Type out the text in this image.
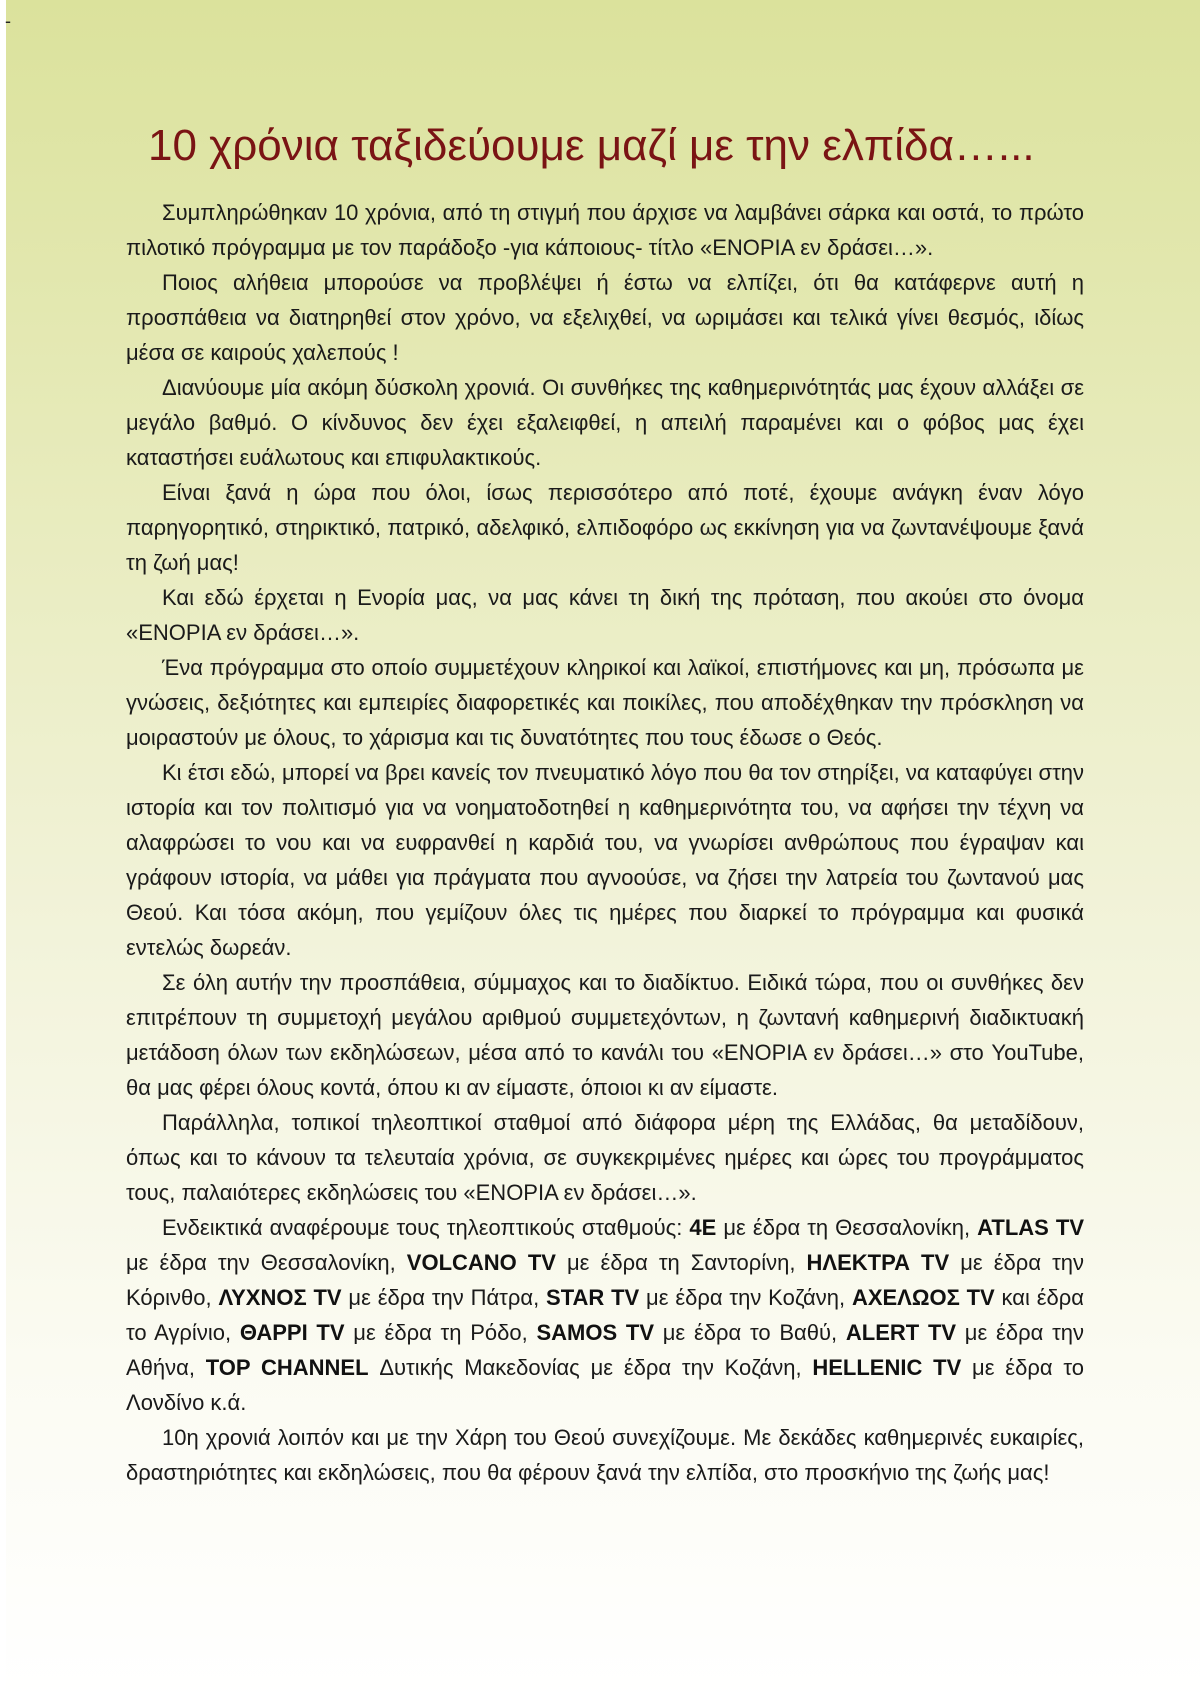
-
10 χρόνια ταξιδεύουμε μαζί με την ελπίδα…...

Συμπληρώθηκαν 10 χρόνια, από τη στιγμή που άρχισε να λαμβάνει σάρκα και οστά, το πρώτο πιλοτικό πρόγραμμα με τον παράδοξο -για κάποιους- τίτλο «ΕΝΟΡΙΑ εν δράσει…».

Ποιος αλήθεια μπορούσε να προβλέψει ή έστω να ελπίζει, ότι θα κατάφερνε αυτή η προσπάθεια να διατηρηθεί στον χρόνο, να εξελιχθεί, να ωριμάσει και τελικά γίνει θεσμός, ιδίως μέσα σε καιρούς χαλεπούς !

Διανύουμε μία ακόμη δύσκολη χρονιά. Οι συνθήκες της καθημερινότητάς μας έχουν αλλάξει σε μεγάλο βαθμό. Ο κίνδυνος δεν έχει εξαλειφθεί, η απειλή παραμένει και ο φόβος μας έχει καταστήσει ευάλωτους και επιφυλακτικούς.

Είναι ξανά η ώρα που όλοι, ίσως περισσότερο από ποτέ, έχουμε ανάγκη έναν λόγο παρηγορητικό, στηρικτικό, πατρικό, αδελφικό, ελπιδοφόρο ως εκκίνηση για να ζωντανέψουμε ξανά τη ζωή μας!

Και εδώ έρχεται η Ενορία μας, να μας κάνει τη δική της πρόταση, που ακούει στο όνομα «ΕΝΟΡΙΑ εν δράσει…».

Ένα πρόγραμμα στο οποίο συμμετέχουν κληρικοί και λαϊκοί, επιστήμονες και μη, πρόσωπα με γνώσεις, δεξιότητες και εμπειρίες διαφορετικές και ποικίλες, που αποδέχθηκαν την πρόσκληση να μοιραστούν με όλους, το χάρισμα και τις δυνατότητες που τους έδωσε ο Θεός.

Κι έτσι εδώ, μπορεί να βρει κανείς τον πνευματικό λόγο που θα τον στηρίξει, να καταφύγει στην ιστορία και τον πολιτισμό για να νοηματοδοτηθεί η καθημερινότητα του, να αφήσει την τέχνη να αλαφρώσει το νου και να ευφρανθεί η καρδιά του, να γνωρίσει ανθρώπους που έγραψαν και γράφουν ιστορία, να μάθει για πράγματα που αγνοούσε, να ζήσει την λατρεία του ζωντανού μας Θεού. Και τόσα ακόμη, που γεμίζουν όλες τις ημέρες που διαρκεί το πρόγραμμα και φυσικά εντελώς δωρεάν.

Σε όλη αυτήν την προσπάθεια, σύμμαχος και το διαδίκτυο. Ειδικά τώρα, που οι συνθήκες δεν επιτρέπουν τη συμμετοχή μεγάλου αριθμού συμμετεχόντων, η ζωντανή καθημερινή διαδικτυακή μετάδοση όλων των εκδηλώσεων, μέσα από το κανάλι του «ΕΝΟΡΙΑ εν δράσει…» στο YouTube, θα μας φέρει όλους κοντά, όπου κι αν είμαστε, όποιοι κι αν είμαστε.

Παράλληλα, τοπικοί τηλεοπτικοί σταθμοί από διάφορα μέρη της Ελλάδας, θα μεταδίδουν, όπως και το κάνουν τα τελευταία χρόνια, σε συγκεκριμένες ημέρες και ώρες του προγράμματος τους, παλαιότερες εκδηλώσεις του «ΕΝΟΡΙΑ εν δράσει…».

Ενδεικτικά αναφέρουμε τους τηλεοπτικούς σταθμούς: 4E με έδρα τη Θεσσαλονίκη, ATLAS TV με έδρα την Θεσσαλονίκη, VOLCANO TV με έδρα τη Σαντορίνη, ΗΛΕΚΤΡΑ TV με έδρα την Κόρινθο, ΛΥΧΝΟΣ TV με έδρα την Πάτρα, STAR TV με έδρα την Κοζάνη, ΑΧΕΛΩΟΣ TV και έδρα το Αγρίνιο, ΘΑΡΡΙ TV με έδρα τη Ρόδο, SAMOS TV με έδρα το Βαθύ, ALERT TV με έδρα την Αθήνα, TOP CHANNEL Δυτικής Μακεδονίας με έδρα την Κοζάνη, HELLENIC TV με έδρα το Λονδίνο κ.ά.

10η χρονιά λοιπόν και με την Χάρη του Θεού συνεχίζουμε. Με δεκάδες καθημερινές ευκαιρίες, δραστηριότητες και εκδηλώσεις, που θα φέρουν ξανά την ελπίδα, στο προσκήνιο της ζωής μας!
